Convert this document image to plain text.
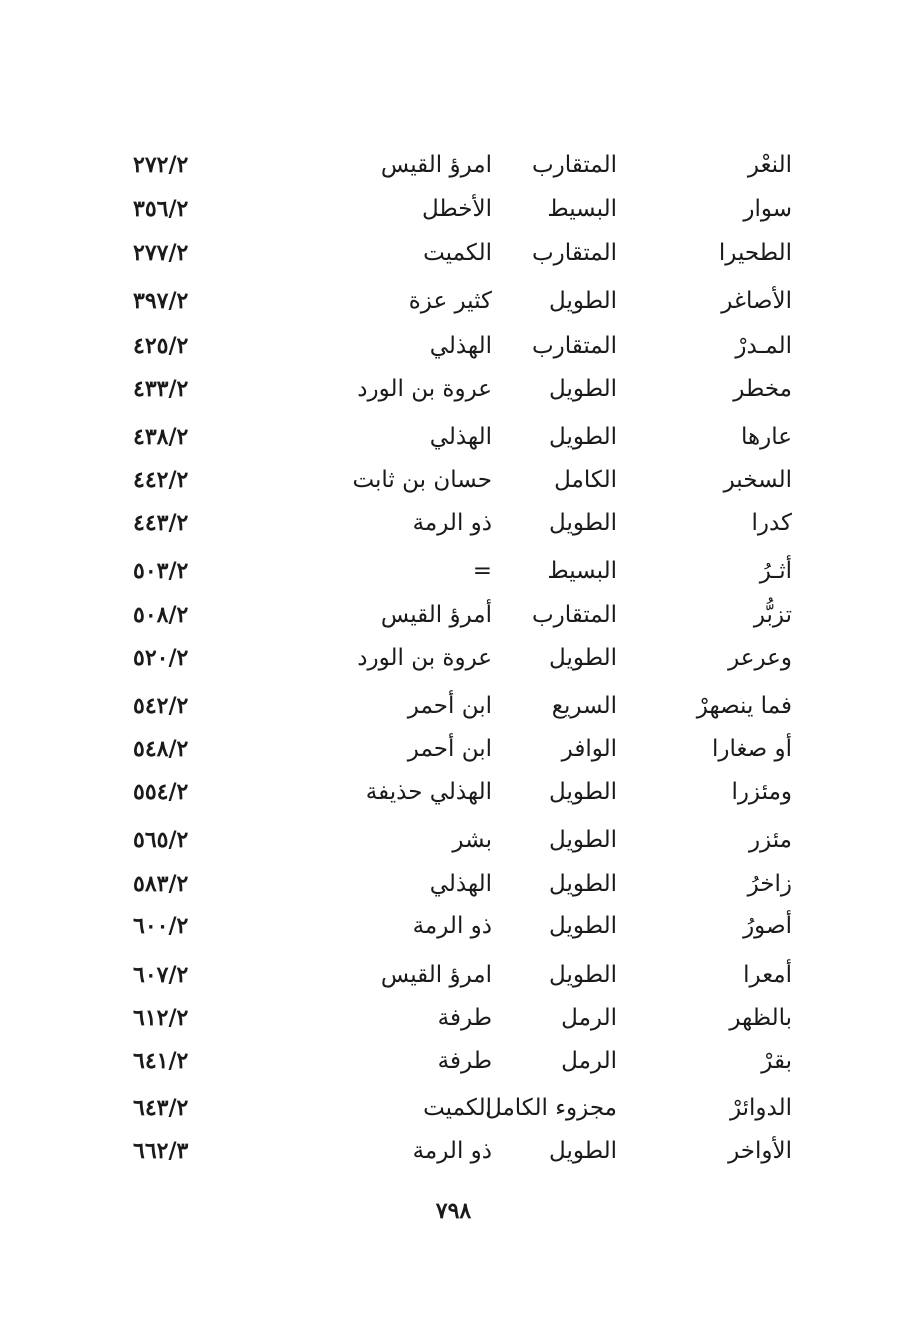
النعْر
المتقارب
امرؤ القيس
٢٧٢/٢
سوار
البسيط
الأخطل
٣٥٦/٢
الطحيرا
المتقارب
الكميت
٢٧٧/٢
الأصاغر
الطويل
كثير عزة
٣٩٧/٢
المـدرْ
المتقارب
الهذلي
٤٢٥/٢
مخطر
الطويل
عروة بن الورد
٤٣٣/٢
عارها
الطويل
الهذلي
٤٣٨/٢
السخبر
الكامل
حسان بن ثابت
٤٤٢/٢
كدرا
الطويل
ذو الرمة
٤٤٣/٢
أثـرُ
البسيط
=
٥٠٣/٢
تزبُّر
المتقارب
أمرؤ القيس
٥٠٨/٢
وعرعر
الطويل
عروة بن الورد
٥٢٠/٢
فما ينصهرْ
السريع
ابن أحمر
٥٤٢/٢
أو صغارا
الوافر
ابن أحمر
٥٤٨/٢
ومئزرا
الطويل
الهذلي حذيفة
٥٥٤/٢
مئزر
الطويل
بشر
٥٦٥/٢
زاخرُ
الطويل
الهذلي
٥٨٣/٢
أصورُ
الطويل
ذو الرمة
٦٠٠/٢
أمعرا
الطويل
امرؤ القيس
٦٠٧/٢
بالظهر
الرمل
طرفة
٦١٢/٢
بقرْ
الرمل
طرفة
٦٤١/٢
الدوائرْ
مجزوء الكامل
الكميت
٦٤٣/٢
الأواخر
الطويل
ذو الرمة
٦٦٢/٣
٧٩٨
